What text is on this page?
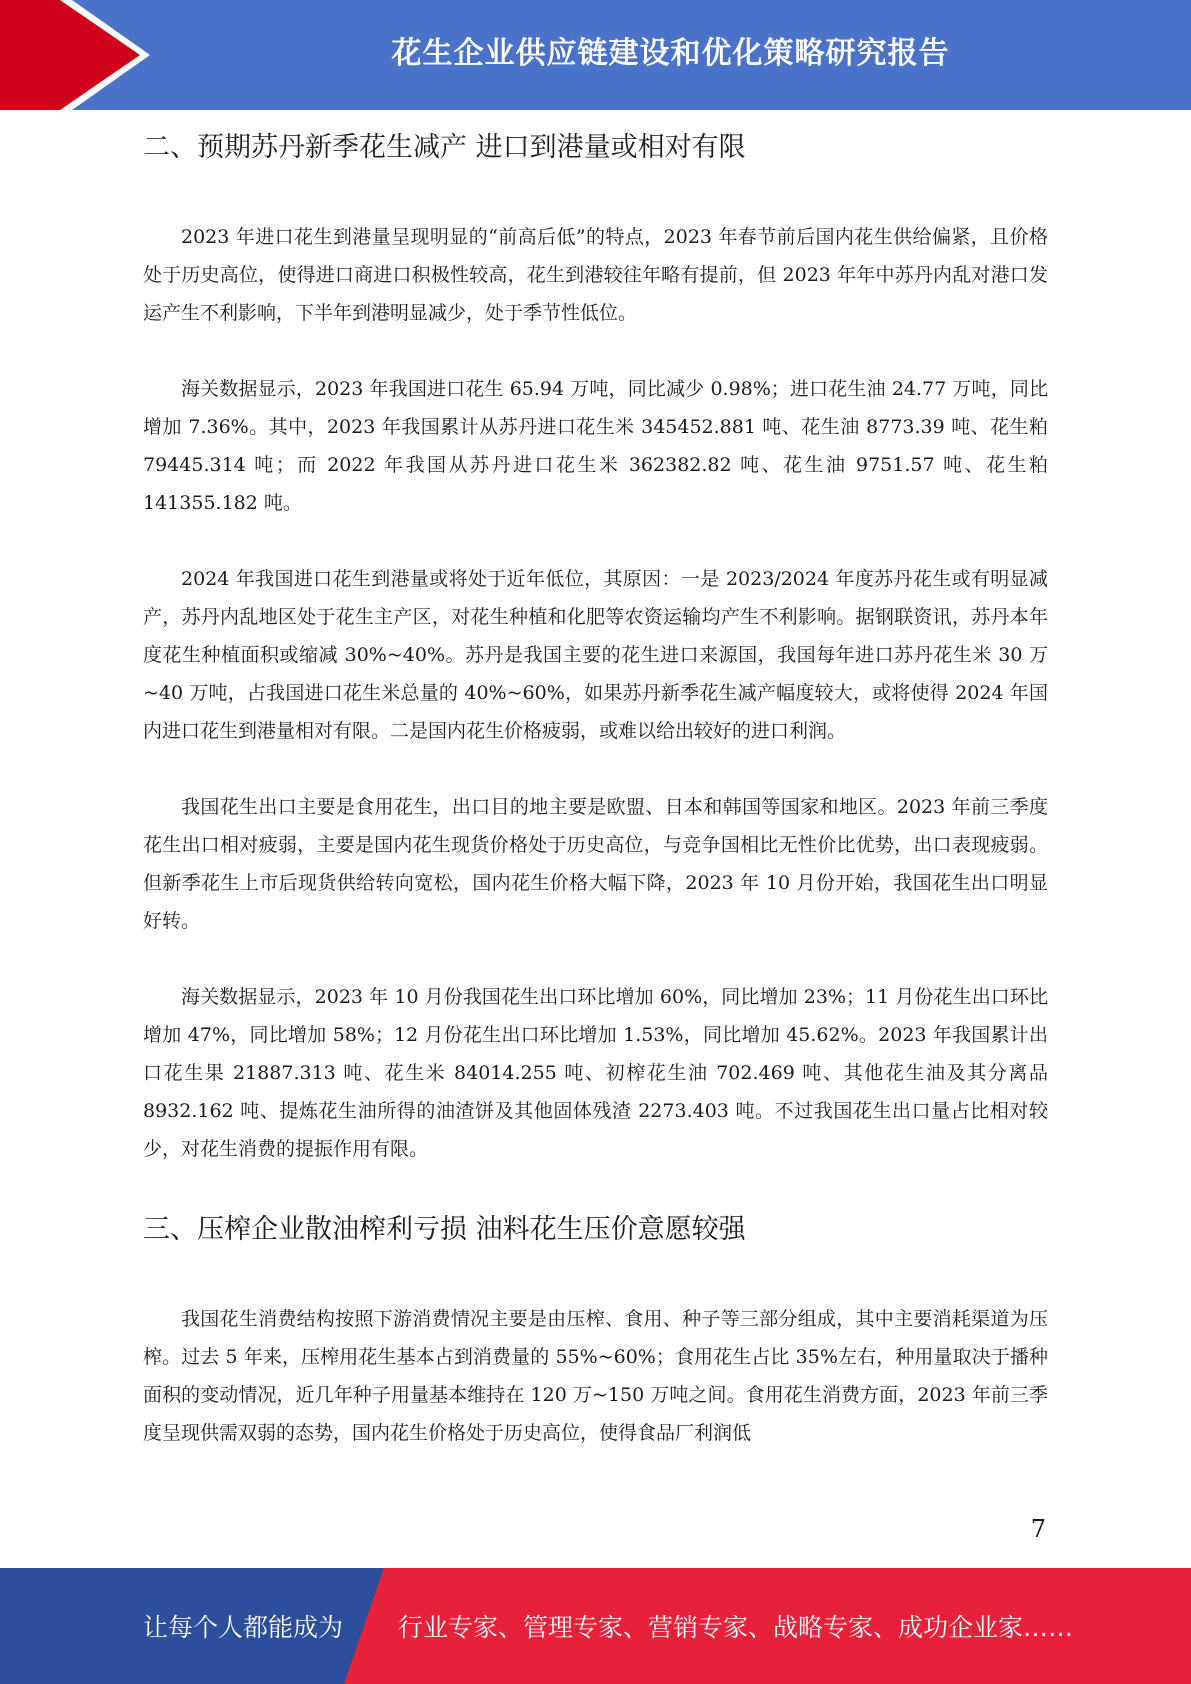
花生企业供应链建设和优化策略研究报告
二、预期苏丹新季花生减产 进口到港量或相对有限

2023 年进口花生到港量呈现明显的“前高后低”的特点，2023 年春节前后国内花生供给偏紧，且价格处于历史高位，使得进口商进口积极性较高，花生到港较往年略有提前，但 2023 年年中苏丹内乱对港口发运产生不利影响，下半年到港明显减少，处于季节性低位。

海关数据显示，2023 年我国进口花生 65.94 万吨，同比减少 0.98%；进口花生油 24.77 万吨，同比增加 7.36%。其中，2023 年我国累计从苏丹进口花生米 345452.881 吨、花生油 8773.39 吨、花生粕 79445.314 吨；而 2022 年我国从苏丹进口花生米 362382.82 吨、花生油 9751.57 吨、花生粕 141355.182 吨。

2024 年我国进口花生到港量或将处于近年低位，其原因：一是 2023/2024 年度苏丹花生或有明显减产，苏丹内乱地区处于花生主产区，对花生种植和化肥等农资运输均产生不利影响。据钢联资讯，苏丹本年度花生种植面积或缩减 30%~40%。苏丹是我国主要的花生进口来源国，我国每年进口苏丹花生米 30 万~40 万吨，占我国进口花生米总量的 40%~60%，如果苏丹新季花生减产幅度较大，或将使得 2024 年国内进口花生到港量相对有限。二是国内花生价格疲弱，或难以给出较好的进口利润。

我国花生出口主要是食用花生，出口目的地主要是欧盟、日本和韩国等国家和地区。2023 年前三季度花生出口相对疲弱，主要是国内花生现货价格处于历史高位，与竞争国相比无性价比优势，出口表现疲弱。但新季花生上市后现货供给转向宽松，国内花生价格大幅下降，2023 年 10 月份开始，我国花生出口明显好转。

海关数据显示，2023 年 10 月份我国花生出口环比增加 60%，同比增加 23%；11 月份花生出口环比增加 47%，同比增加 58%；12 月份花生出口环比增加 1.53%，同比增加 45.62%。2023 年我国累计出口花生果 21887.313 吨、花生米 84014.255 吨、初榨花生油 702.469 吨、其他花生油及其分离品 8932.162 吨、提炼花生油所得的油渣饼及其他固体残渣 2273.403 吨。不过我国花生出口量占比相对较少，对花生消费的提振作用有限。

三、压榨企业散油榨利亏损 油料花生压价意愿较强

我国花生消费结构按照下游消费情况主要是由压榨、食用、种子等三部分组成，其中主要消耗渠道为压榨。过去 5 年来，压榨用花生基本占到消费量的 55%~60%；食用花生占比 35%左右，种用量取决于播种面积的变动情况，近几年种子用量基本维持在 120 万~150 万吨之间。食用花生消费方面，2023 年前三季度呈现供需双弱的态势，国内花生价格处于历史高位，使得食品厂利润低

7
让每个人都能成为 行业专家、管理专家、营销专家、战略专家、成功企业家……
